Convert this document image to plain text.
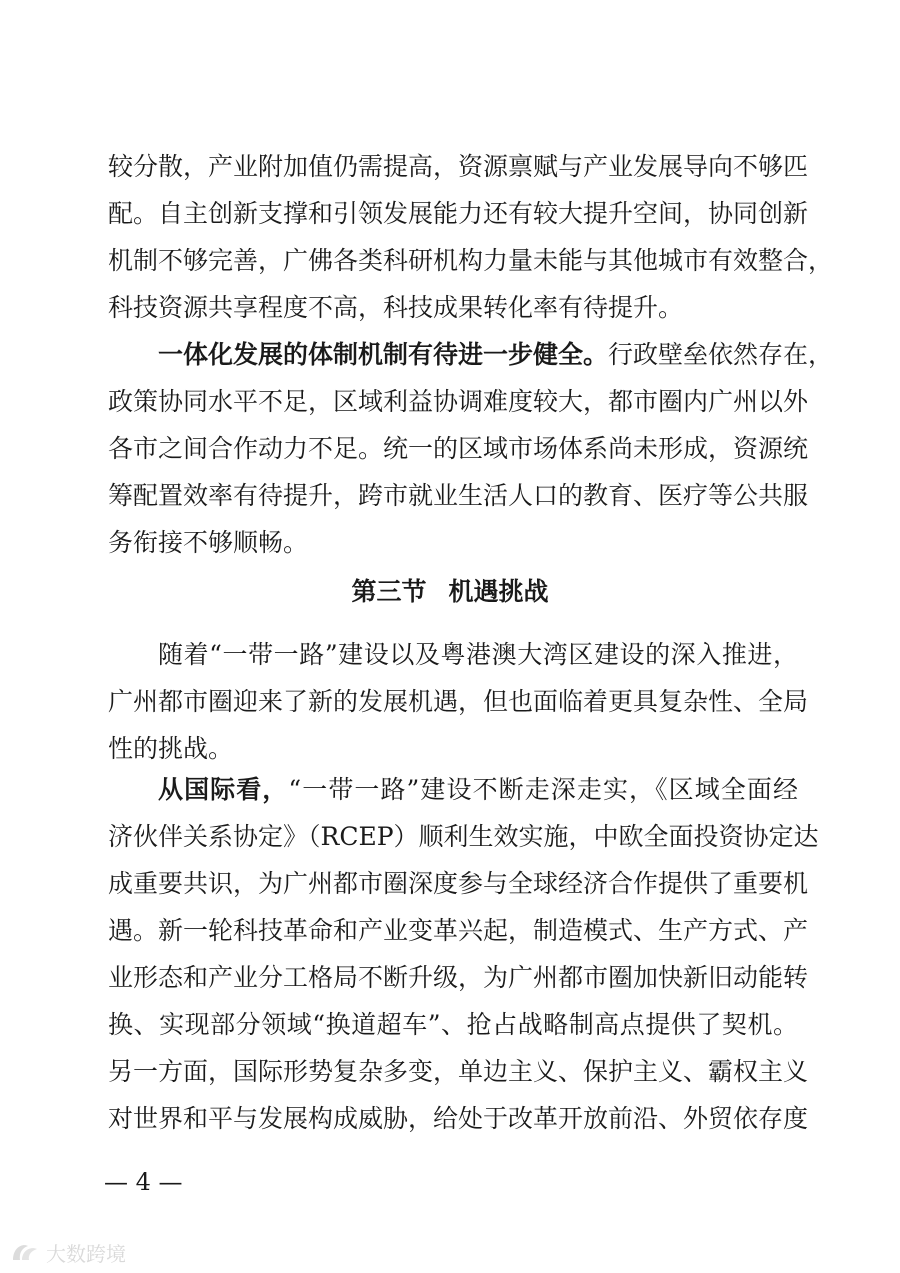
较分散，产业附加值仍需提高，资源禀赋与产业发展导向不够匹
配。自主创新支撑和引领发展能力还有较大提升空间，协同创新
机制不够完善，广佛各类科研机构力量未能与其他城市有效整合，
科技资源共享程度不高，科技成果转化率有待提升。
一体化发展的体制机制有待进一步健全。行政壁垒依然存在，
政策协同水平不足，区域利益协调难度较大，都市圈内广州以外
各市之间合作动力不足。统一的区域市场体系尚未形成，资源统
筹配置效率有待提升，跨市就业生活人口的教育、医疗等公共服
务衔接不够顺畅。
第三节 机遇挑战
随着“一带一路”建设以及粤港澳大湾区建设的深入推进，
广州都市圈迎来了新的发展机遇，但也面临着更具复杂性、全局
性的挑战。
从国际看，“一带一路”建设不断走深走实，《区域全面经
济伙伴关系协定》（RCEP）顺利生效实施，中欧全面投资协定达
成重要共识，为广州都市圈深度参与全球经济合作提供了重要机
遇。新一轮科技革命和产业变革兴起，制造模式、生产方式、产
业形态和产业分工格局不断升级，为广州都市圈加快新旧动能转
换、实现部分领域“换道超车”、抢占战略制高点提供了契机。
另一方面，国际形势复杂多变，单边主义、保护主义、霸权主义
对世界和平与发展构成威胁，给处于改革开放前沿、外贸依存度
— 4 —
大数跨境
